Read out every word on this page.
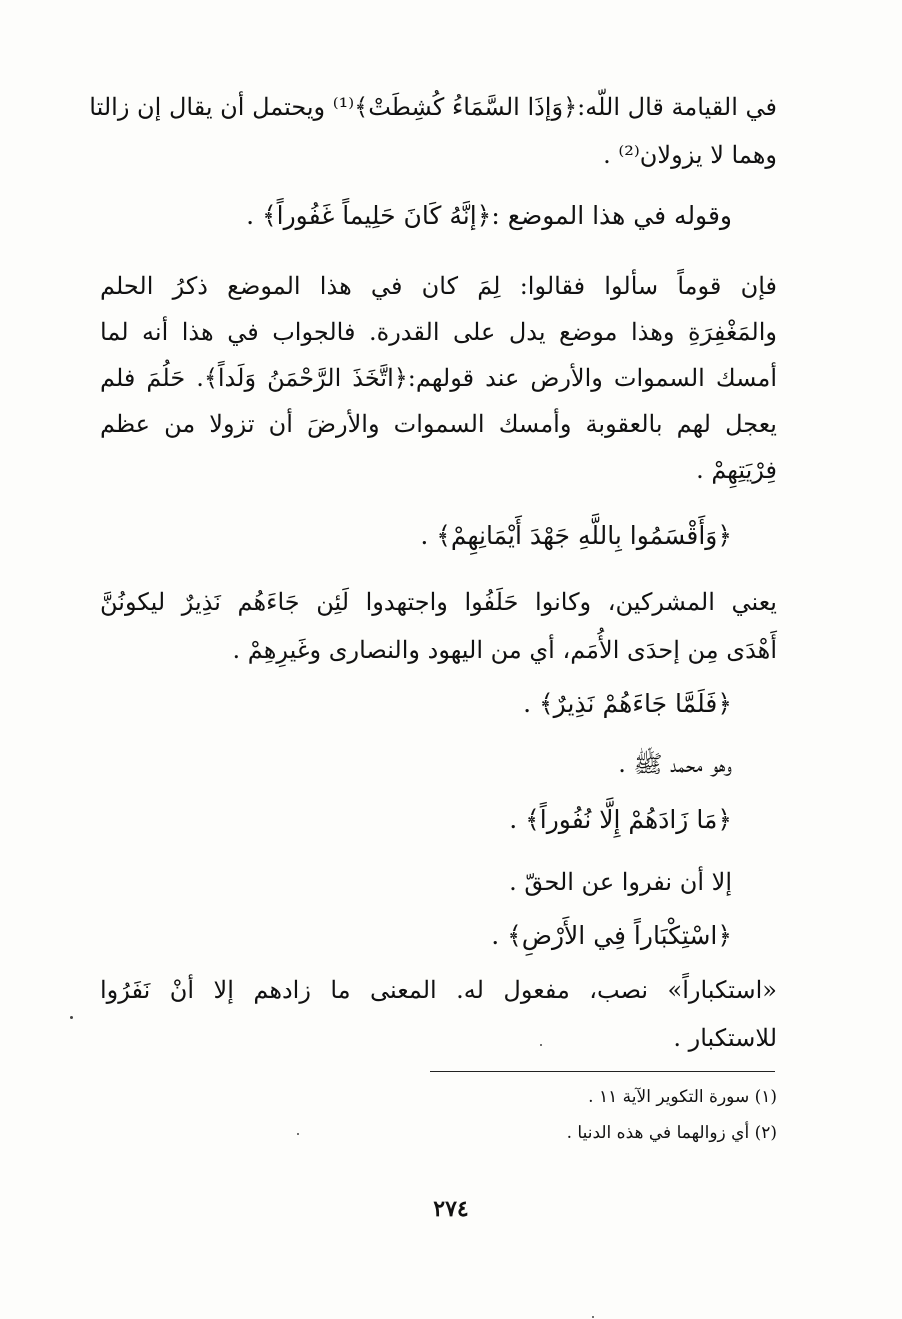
في القيامة قال اللّه:﴿وَإذَا السَّمَاءُ كُشِطَتْ﴾⁽¹⁾ ويحتمل أن يقال إن زالتا
وهما لا يزولان⁽²⁾ .
وقوله في هذا الموضع :﴿إنَّهُ كَانَ حَلِيماً غَفُوراً﴾ .
فإن قوماً سألوا فقالوا: لِمَ كان في هذا الموضع ذكرُ الحلم
والمَغْفِرَةِ وهذا موضع يدل على القدرة. فالجواب في هذا أنه لما
أمسك السموات والأرض عند قولهم:﴿اتَّخَذَ الرَّحْمَنُ وَلَداً﴾. حَلُمَ فلم
يعجل لهم بالعقوبة وأمسك السموات والأرضَ أن تزولا من عظم
فِرْيَتِهِمْ .
﴿وَأَقْسَمُوا بِاللَّهِ جَهْدَ أَيْمَانِهِمْ﴾ .
يعني المشركين، وكانوا حَلَفُوا واجتهدوا لَئِن جَاءَهُم نَذِيرٌ ليكونُنَّ
أَهْدَى مِن إحدَى الأُمَم، أي من اليهود والنصارى وغَيرِهِمْ .
﴿فَلَمَّا جَاءَهُمْ نَذِيرٌ﴾ .
وهو محمد ﷺ .
﴿مَا زَادَهُمْ إِلَّا نُفُوراً﴾ .
إلا أن نفروا عن الحقّ .
﴿اسْتِكْبَاراً فِي الأَرْضِ﴾ .
«استكباراً» نصب، مفعول له. المعنى ما زادهم إلا أنْ نَفَرُوا
للاستكبار .
(١) سورة التكوير الآية ١١ .
(٢) أي زوالهما في هذه الدنيا .
٢٧٤
